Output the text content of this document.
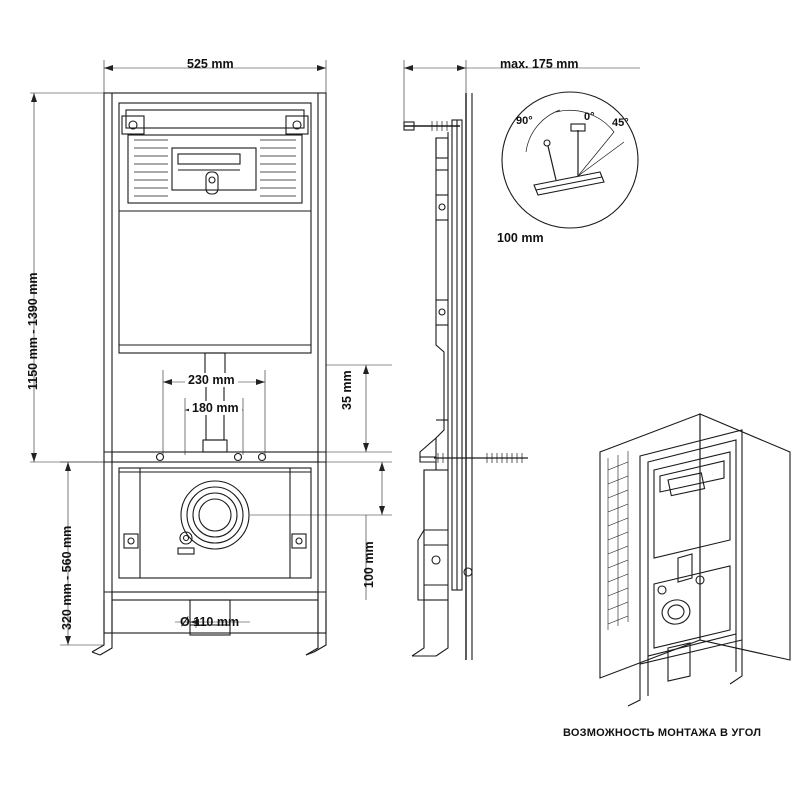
525 mm
1150 mm - 1390 mm
320 mm - 560 mm
230 mm
180 mm	35 mm
100 mm
Ø 110 mm
max. 175 mm
100 mm
90°	0° 45°
ВОЗМОЖНОСТЬ МОНТАЖА В УГОЛ
